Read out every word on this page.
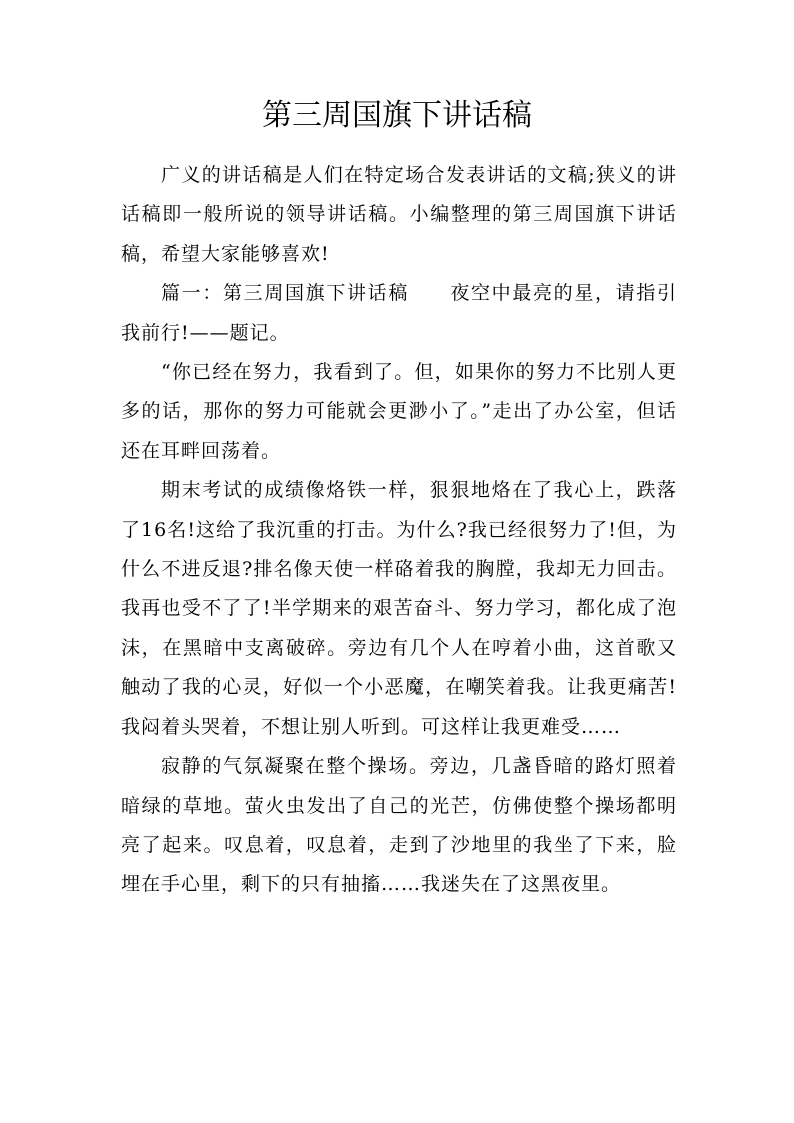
第三周国旗下讲话稿

广义的讲话稿是人们在特定场合发表讲话的文稿;狭义的讲话稿即一般所说的领导讲话稿。小编整理的第三周国旗下讲话稿，希望大家能够喜欢!

篇一：第三周国旗下讲话稿　　夜空中最亮的星，请指引我前行!——题记。

“你已经在努力，我看到了。但，如果你的努力不比别人更多的话，那你的努力可能就会更渺小了。”走出了办公室，但话还在耳畔回荡着。

期末考试的成绩像烙铁一样，狠狠地烙在了我心上，跌落了16名!这给了我沉重的打击。为什么?我已经很努力了!但，为什么不进反退?排名像天使一样硌着我的胸膛，我却无力回击。我再也受不了了!半学期来的艰苦奋斗、努力学习，都化成了泡沫，在黑暗中支离破碎。旁边有几个人在哼着小曲，这首歌又触动了我的心灵，好似一个小恶魔，在嘲笑着我。让我更痛苦!我闷着头哭着，不想让别人听到。可这样让我更难受……

寂静的气氛凝聚在整个操场。旁边，几盏昏暗的路灯照着暗绿的草地。萤火虫发出了自己的光芒，仿佛使整个操场都明亮了起来。叹息着，叹息着，走到了沙地里的我坐了下来，脸埋在手心里，剩下的只有抽搐……我迷失在了这黑夜里。
